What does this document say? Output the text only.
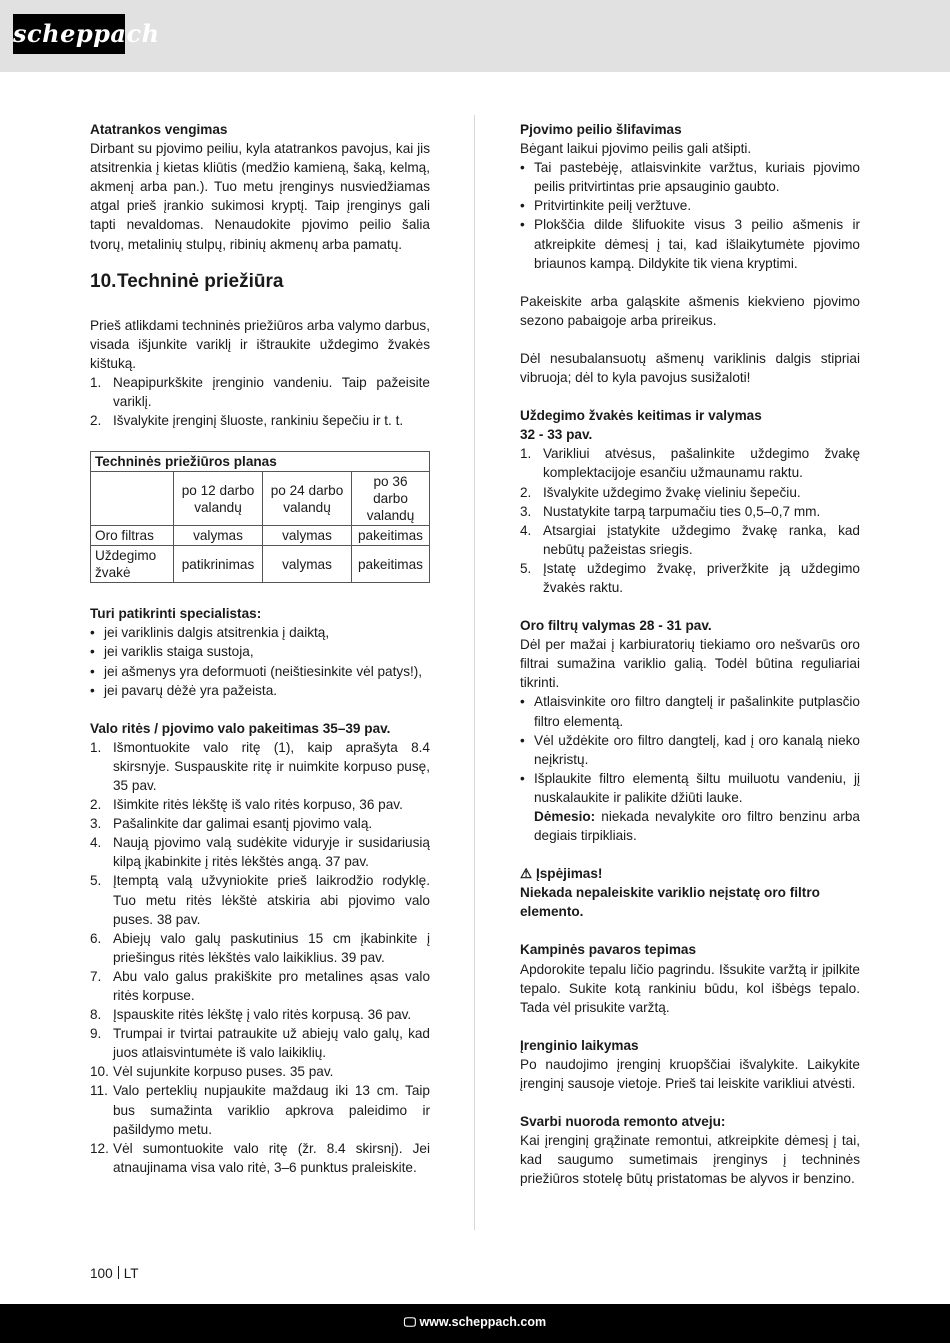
scheppach
Atatrankos vengimas

Dirbant su pjovimo peiliu, kyla atatrankos pavojus, kai jis atsitrenkia į kietas kliūtis (medžio kamieną, šaką, kelmą, akmenį arba pan.). Tuo metu įrenginys nusviedžiamas atgal prieš įrankio sukimosi kryptį. Taip įrenginys gali tapti nevaldomas. Nenaudokite pjovimo peilio šalia tvorų, metalinių stulpų, ribinių akmenų arba pamatų.

10.Techninė priežiūra

Prieš atlikdami techninės priežiūros arba valymo darbus, visada išjunkite variklį ir ištraukite uždegimo žvakės kištuką.

1. Neapipurkškite įrenginio vandeniu. Taip pažeisite variklį.
2. Išvalykite įrenginį šluoste, rankiniu šepečiu ir t. t.
Techninės priežiūros planas			
	po 12 darbo valandų	po 24 darbo valandų	po 36 darbo valandų
Oro filtras	valymas	valymas	pakeitimas
Uždegimo žvakė	patikrinimas	valymas	pakeitimas
Turi patikrinti specialistas:
• jei variklinis dalgis atsitrenkia į daiktą,
• jei variklis staiga sustoja,
• jei ašmenys yra deformuoti (neištiesinkite vėl patys!),
• jei pavarų dėžė yra pažeista.
Valo ritės / pjovimo valo pakeitimas 35–39 pav.
1. Išmontuokite valo ritę (1), kaip aprašyta 8.4 skirsnyje. Suspauskite ritę ir nuimkite korpuso pusę, 35 pav.
2. Išimkite ritės lėkštę iš valo ritės korpuso, 36 pav.
3. Pašalinkite dar galimai esantį pjovimo valą.
4. Naują pjovimo valą sudėkite viduryje ir susidariusią kilpą įkabinkite į ritės lėkštės angą. 37 pav.
5. Įtemptą valą užvyniokite prieš laikrodžio rodyklę. Tuo metu ritės lėkštė atskiria abi pjovimo valo puses. 38 pav.
6. Abiejų valo galų paskutinius 15 cm įkabinkite į priešingus ritės lėkštės valo laikiklius. 39 pav.
7. Abu valo galus prakiškite pro metalines ąsas valo ritės korpuse.
8. Įspauskite ritės lėkštę į valo ritės korpusą. 36 pav.
9. Trumpai ir tvirtai patraukite už abiejų valo galų, kad juos atlaisvintumėte iš valo laikiklių.
10. Vėl sujunkite korpuso puses. 35 pav.
11. Valo perteklių nupjaukite maždaug iki 13 cm. Taip bus sumažinta variklio apkrova paleidimo ir pašildymo metu.
12. Vėl sumontuokite valo ritę (žr. 8.4 skirsnį). Jei atnaujinama visa valo ritė, 3–6 punktus praleiskite.
Pjovimo peilio šlifavimas

Bėgant laikui pjovimo peilis gali atšipti.

• Tai pastebėję, atlaisvinkite varžtus, kuriais pjovimo peilis pritvirtintas prie apsauginio gaubto.
• Pritvirtinkite peilį veržtuve.
• Plokščia dilde šlifuokite visus 3 peilio ašmenis ir atkreipkite dėmesį į tai, kad išlaikytumėte pjovimo briaunos kampą. Dildykite tik viena kryptimi.

Pakeiskite arba galąskite ašmenis kiekvieno pjovimo sezono pabaigoje arba prireikus.

Dėl nesubalansuotų ašmenų variklinis dalgis stipriai vibruoja; dėl to kyla pavojus susižaloti!

Uždegimo žvakės keitimas ir valymas
32 - 33 pav.
1. Varikliui atvėsus, pašalinkite uždegimo žvakę komplektacijoje esančiu užmaunamu raktu.
2. Išvalykite uždegimo žvakę vieliniu šepečiu.
3. Nustatykite tarpą tarpumačiu ties 0,5–0,7 mm.
4. Atsargiai įstatykite uždegimo žvakę ranka, kad nebūtų pažeistas sriegis.
5. Įstatę uždegimo žvakę, priveržkite ją uždegimo žvakės raktu.
Oro filtrų valymas 28 - 31 pav.

Dėl per mažai į karbiuratorių tiekiamo oro nešvarūs oro filtrai sumažina variklio galią. Todėl būtina reguliariai tikrinti.

• Atlaisvinkite oro filtro dangtelį ir pašalinkite putplasčio filtro elementą.
• Vėl uždėkite oro filtro dangtelį, kad į oro kanalą nieko neįkristų.
• Išplaukite filtro elementą šiltu muiluotu vandeniu, jį nuskalaukite ir palikite džiūti lauke.

Dėmesio: niekada nevalykite oro filtro benzinu arba degiais tirpikliais.

⚠ Įspėjimas!

Niekada nepaleiskite variklio neįstatę oro filtro elemento.

Kampinės pavaros tepimas

Apdorokite tepalu ličio pagrindu. Išsukite varžtą ir įpilkite tepalo. Sukite kotą rankiniu būdu, kol išbėgs tepalo. Tada vėl prisukite varžtą.

Įrenginio laikymas

Po naudojimo įrenginį kruopščiai išvalykite. Laikykite įrenginį sausoje vietoje. Prieš tai leiskite varikliui atvėsti.

Svarbi nuoroda remonto atveju:

Kai įrenginį grąžinate remontui, atkreipkite dėmesį į tai, kad saugumo sumetimais įrenginys į techninės priežiūros stotelę būtų pristatomas be alyvos ir benzino.

100 LT
🖵 www.scheppach.com
